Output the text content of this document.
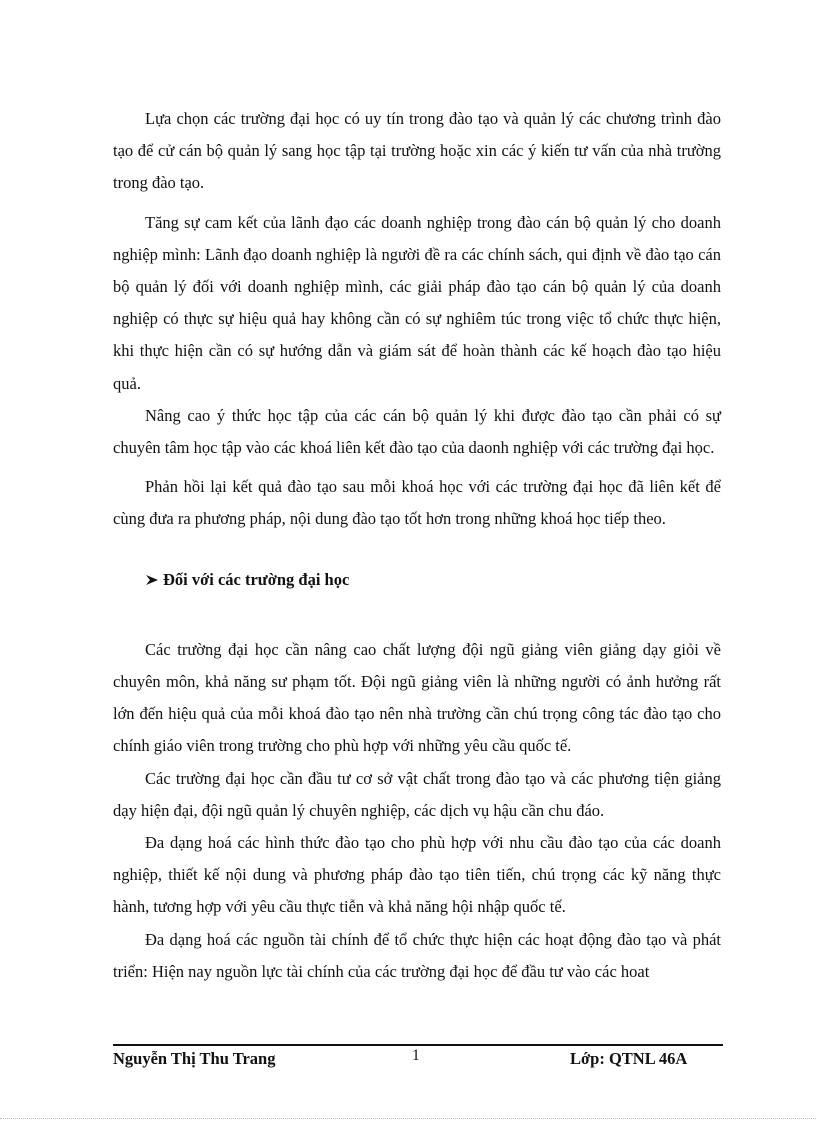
Lựa chọn các trường đại học có uy tín trong đào tạo và quản lý các chương trình đào tạo để cử cán bộ quản lý sang học tập tại trường hoặc xin các ý kiến tư vấn của nhà trường trong đào tạo.

Tăng sự cam kết của lãnh đạo các doanh nghiệp trong đào cán bộ quản lý cho doanh nghiệp mình: Lãnh đạo doanh nghiệp là người đề ra các chính sách, qui định về đào tạo cán bộ quản lý đối với doanh nghiệp mình, các giải pháp đào tạo cán bộ quản lý của doanh nghiệp có thực sự hiệu quả hay không cần có sự nghiêm túc trong việc tổ chức thực hiện, khi thực hiện cần có sự hướng dẫn và giám sát để hoàn thành các kế hoạch đào tạo hiệu quả.

Nâng cao ý thức học tập của các cán bộ quản lý khi được đào tạo cần phải có sự chuyên tâm học tập vào các khoá liên kết đào tạo của daonh nghiệp với các trường đại học.

Phản hồi lại kết quả đào tạo sau mỗi khoá học với các trường đại học đã liên kết để cùng đưa ra phương pháp, nội dung đào tạo tốt hơn trong những khoá học tiếp theo.

Đối với các trường đại học

Các trường đại học cần nâng cao chất lượng đội ngũ giảng viên giảng dạy giỏi về chuyên môn, khả năng sư phạm tốt. Đội ngũ giảng viên là những người có ảnh hưởng rất lớn đến hiệu quả của mỗi khoá đào tạo nên nhà trường cần chú trọng công tác đào tạo cho chính giáo viên trong trường cho phù hợp với những yêu cầu quốc tế.

Các trường đại học cần đầu tư cơ sở vật chất trong đào tạo và các phương tiện giảng dạy hiện đại, đội ngũ quản lý chuyên nghiệp, các dịch vụ hậu cần chu đáo.

Đa dạng hoá các hình thức đào tạo cho phù hợp với nhu cầu đào tạo của các doanh nghiệp, thiết kế nội dung và phương pháp đào tạo tiên tiến, chú trọng các kỹ năng thực hành, tương hợp với yêu cầu thực tiễn và khả năng hội nhập quốc tế.

Đa dạng hoá các nguồn tài chính để tổ chức thực hiện các hoạt động đào tạo và phát triển: Hiện nay nguồn lực tài chính của các trường đại học để đầu tư vào các hoat

Nguyễn Thị Thu Trang	1	Lớp: QTNL 46A
